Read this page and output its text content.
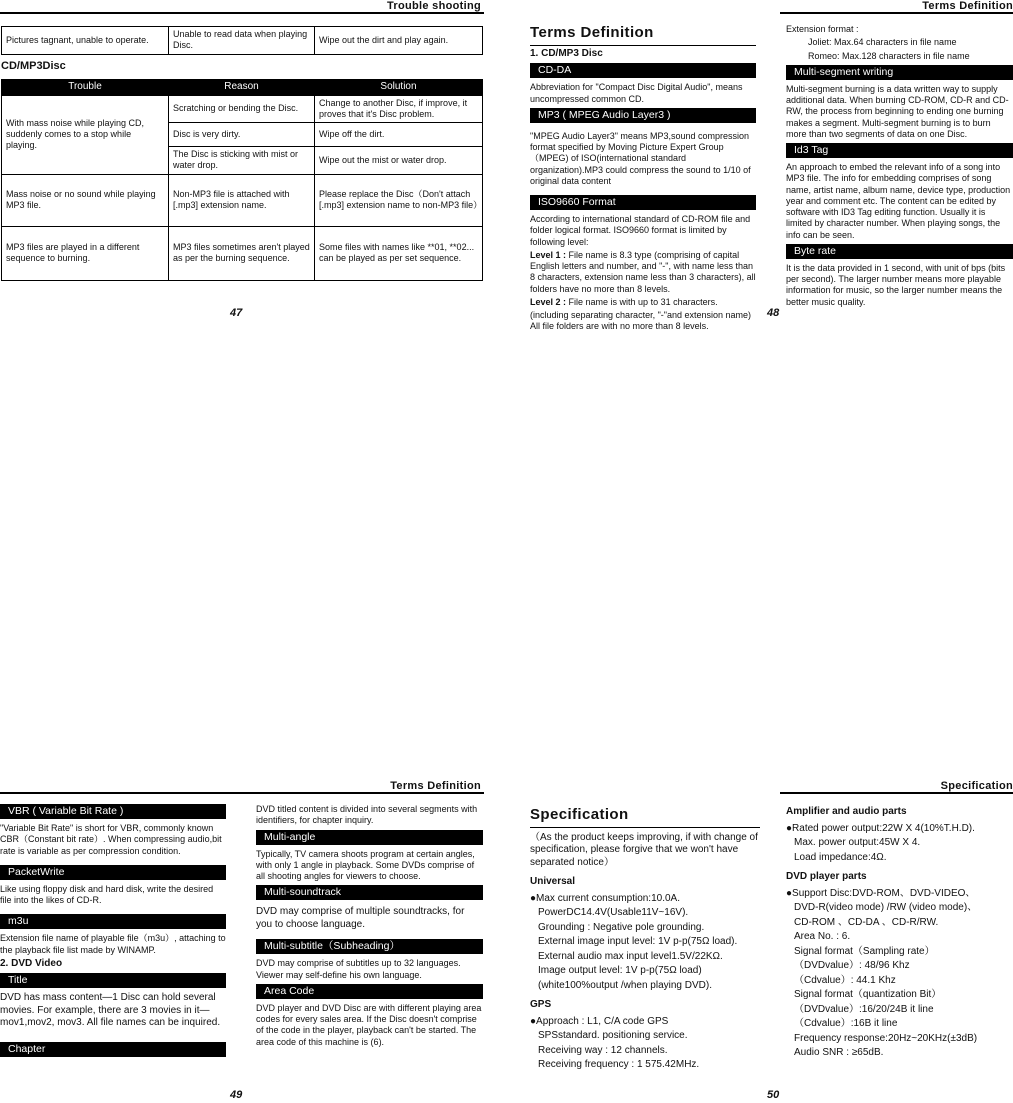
Trouble shooting
Pictures tagnant, unable to operate.	Unable to read data when playing Disc.	Wipe out the dirt and play again.
CD/MP3Disc
Trouble	Reason	Solution
With mass noise while playing CD, suddenly comes to a stop while playing.	Scratching or bending the Disc.	Change to another Disc, if improve, it proves that it's Disc problem.
	Disc is very dirty.	Wipe off the dirt.
	The Disc is sticking with mist or water drop.	Wipe out the mist or water drop.
Mass noise or no sound while playing MP3 file.	Non-MP3 file is attached with [.mp3] extension name.	Please replace the Disc（Don't attach [.mp3] extension name to non-MP3 file）
MP3 files are played in a different sequence to burning.	MP3 files sometimes aren't played as per the burning sequence.	Some files with names like **01, **02... can be played as per set sequence.
47
Terms Definition
Terms Definition
1. CD/MP3 Disc
CD-DA
Abbreviation for "Compact Disc Digital Audio", means uncompressed common CD.
MP3 ( MPEG Audio Layer3 )
"MPEG Audio Layer3" means MP3,sound compression format specified by Moving Picture Expert Group（MPEG) of ISO(international standard organization).MP3 could compress the sound to 1/10 of original data content
ISO9660 Format
According to international standard of CD-ROM file and folder logical format. ISO9660 format is limited by following level:
Level 1 : File name is 8.3 type (comprising of capital English letters and number, and "-", with name less than 8 characters, extension name less than 3 characters), all folders have no more than 8 levels.
Level 2 : File name is with up to 31 characters.
(including separating character, "-"and extension name) All file folders are with no more than 8 levels.
Extension format :
Joliet: Max.64 characters in file name
Romeo: Max.128 characters in file name
Multi-segment writing
Multi-segment burning is a data written way to supply additional data. When burning CD-ROM, CD-R and CD-RW, the process from beginning to ending one burning makes a segment. Multi-segment burning is to burn more than two segments of data on one Disc.
Id3 Tag
An approach to embed the relevant info of a song into MP3 file. The info for embedding comprises of song name, artist name, album name, device type, production year and comment etc. The content can be edited by software with ID3 Tag editing function. Usually it is limited by character number. When playing songs, the info can be seen.
Byte rate
It is the data provided in 1 second, with unit of bps (bits per second). The larger number means more playable information for music, so the larger number means the better music quality.
48
Terms Definition
VBR ( Variable Bit Rate )
"Variable Bit Rate" is short for VBR, commonly known CBR（Constant bit rate）. When compressing audio,bit rate is variable as per compression condition.
PacketWrite
Like using floppy disk and hard disk, write the desired file into the likes of CD-R.
m3u
Extension file name of playable file（m3u）, attaching to the playback file list made by WINAMP.
2. DVD Video
Title
DVD has mass content—1 Disc can hold several movies. For example, there are 3 movies in it—mov1,mov2, mov3. All file names can be inquired.
Chapter
DVD titled content is divided into several segments with identifiers, for chapter inquiry.
Multi-angle
Typically, TV camera shoots program at certain angles, with only 1 angle in playback. Some DVDs comprise of all shooting angles for viewers to choose.
Multi-soundtrack
DVD may comprise of multiple soundtracks, for you to choose language.
Multi-subtitle（Subheading）
DVD may comprise of subtitles up to 32 languages. Viewer may self-define his own language.
Area Code
DVD player and DVD Disc are with different playing area codes for every sales area. If the Disc doesn't comprise of the code in the player, playback can't be started. The area code of this machine is (6).
49
Specification
Specification
（As the product keeps improving, if with change of specification, please forgive that we won't have separated notice）
Universal
●Max current consumption:10.0A.
PowerDC14.4V(Usable11V~16V).
Grounding : Negative pole grounding.
External image input level: 1V p-p(75Ω load).
External audio max input level1.5V/22KΩ.
Image output level: 1V p-p(75Ω load)
(white100%output /when playing DVD).
GPS
●Approach : L1, C/A code GPS
SPSstandard. positioning service.
Receiving way : 12 channels.
Receiving frequency : 1 575.42MHz.
Amplifier and audio parts
●Rated power output:22W X 4(10%T.H.D).
Max. power output:45W X 4.
Load impedance:4Ω.
DVD player parts
●Support Disc:DVD-ROM、DVD-VIDEO、
DVD-R(video mode) /RW (video mode)、
CD-ROM 、CD-DA 、CD-R/RW.
Area No. : 6.
Signal format（Sampling rate）
（DVDvalue）: 48/96 Khz
（Cdvalue）: 44.1 Khz
Signal format（quantization Bit）
（DVDvalue）:16/20/24B it line
（Cdvalue）:16B it line
Frequency response:20Hz~20KHz(±3dB)
Audio SNR : ≥65dB.
50
